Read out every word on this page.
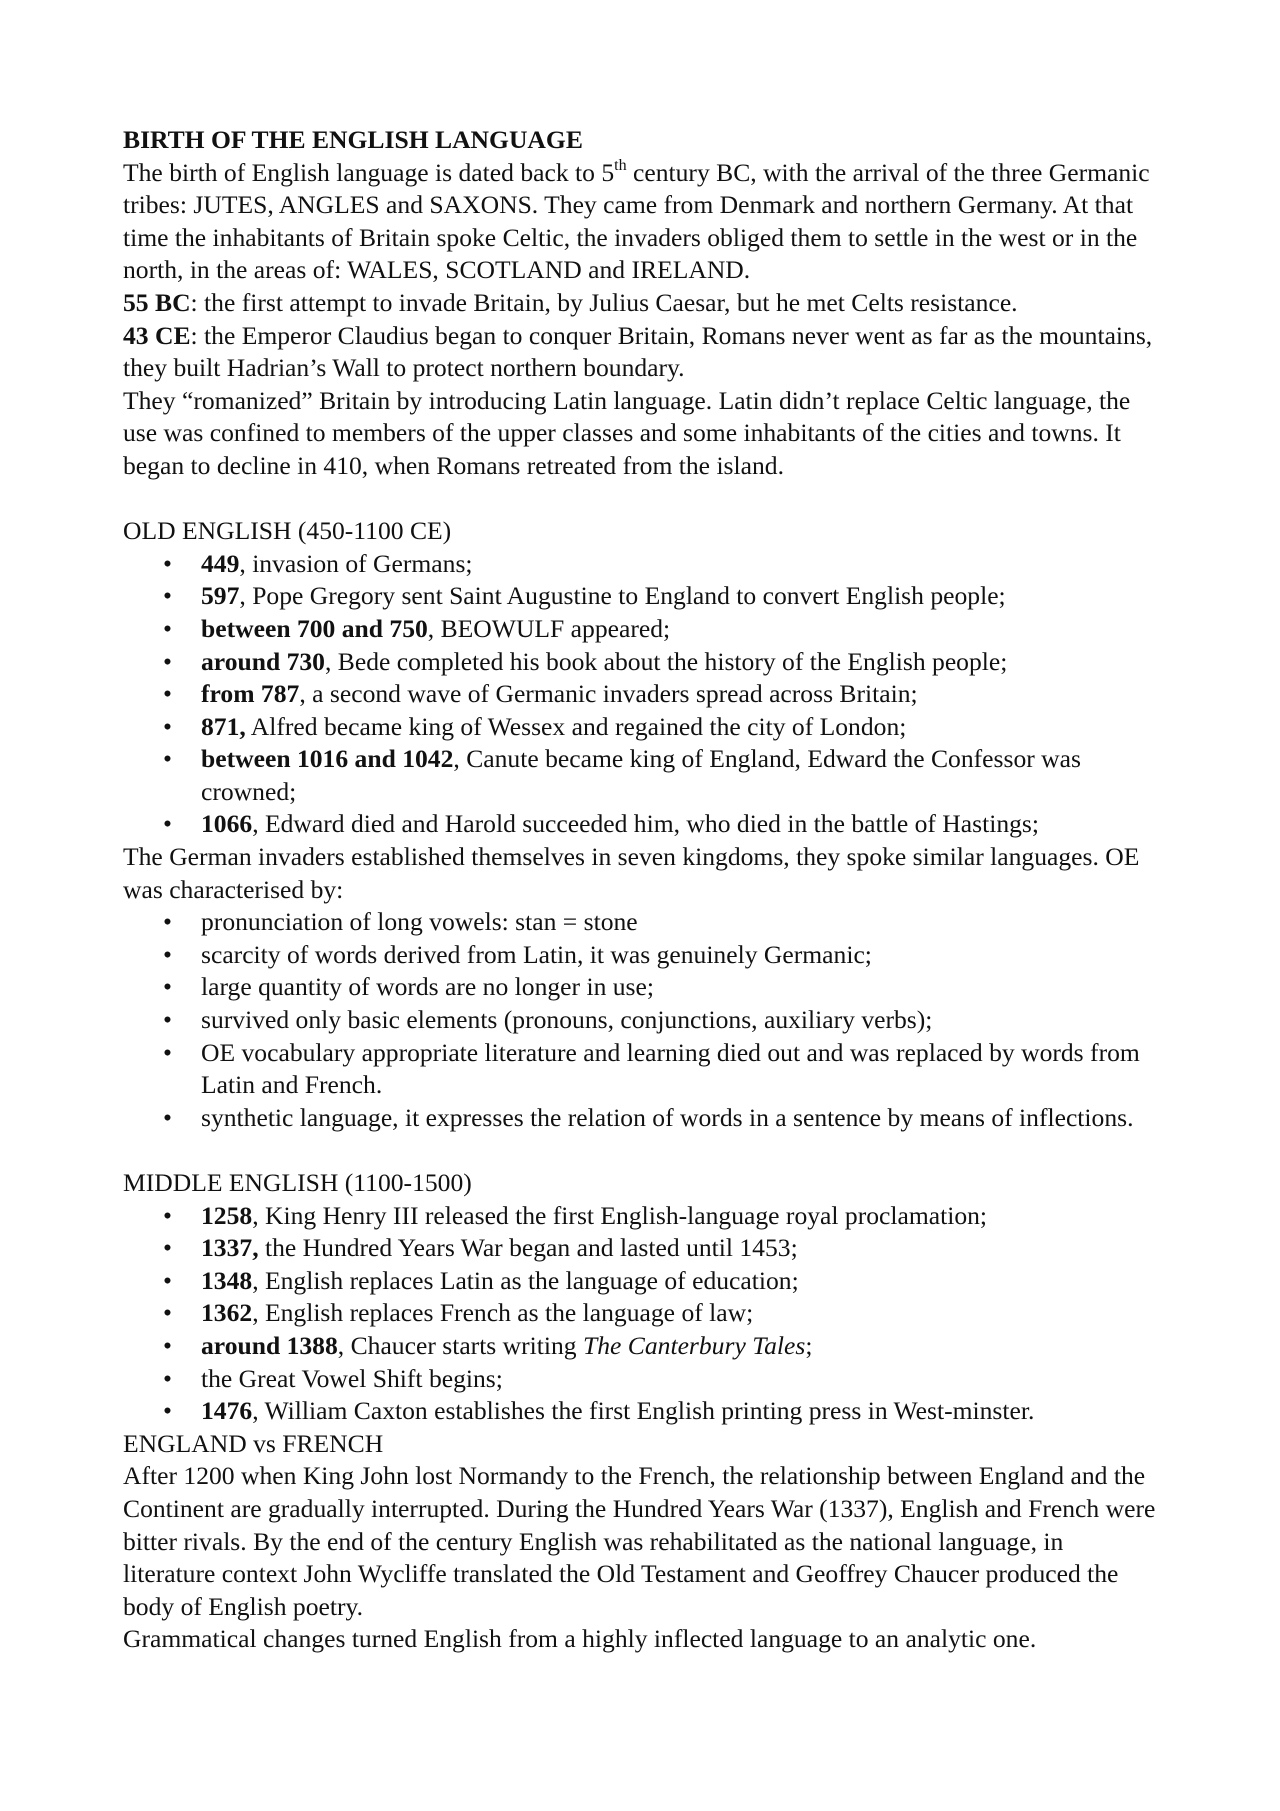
BIRTH OF THE ENGLISH LANGUAGE

The birth of English language is dated back to 5th century BC, with the arrival of the three Germanic tribes: JUTES, ANGLES and SAXONS. They came from Denmark and northern Germany. At that time the inhabitants of Britain spoke Celtic, the invaders obliged them to settle in the west or in the north, in the areas of: WALES, SCOTLAND and IRELAND.

55 BC: the first attempt to invade Britain, by Julius Caesar, but he met Celts resistance.

43 CE: the Emperor Claudius began to conquer Britain, Romans never went as far as the mountains, they built Hadrian’s Wall to protect northern boundary.

They “romanized” Britain by introducing Latin language. Latin didn’t replace Celtic language, the use was confined to members of the upper classes and some inhabitants of the cities and towns. It began to decline in 410, when Romans retreated from the island.

OLD ENGLISH (450-1100 CE)

• 449, invasion of Germans;
• 597, Pope Gregory sent Saint Augustine to England to convert English people;
• between 700 and 750, BEOWULF appeared;
• around 730, Bede completed his book about the history of the English people;
• from 787, a second wave of Germanic invaders spread across Britain;
• 871, Alfred became king of Wessex and regained the city of London;
• between 1016 and 1042, Canute became king of England, Edward the Confessor was crowned;
• 1066, Edward died and Harold succeeded him, who died in the battle of Hastings;

The German invaders established themselves in seven kingdoms, they spoke similar languages. OE was characterised by:

• pronunciation of long vowels: stan = stone
• scarcity of words derived from Latin, it was genuinely Germanic;
• large quantity of words are no longer in use;
• survived only basic elements (pronouns, conjunctions, auxiliary verbs);
• OE vocabulary appropriate literature and learning died out and was replaced by words from Latin and French.
• synthetic language, it expresses the relation of words in a sentence by means of inflections.

MIDDLE ENGLISH (1100-1500)

• 1258, King Henry III released the first English-language royal proclamation;
• 1337, the Hundred Years War began and lasted until 1453;
• 1348, English replaces Latin as the language of education;
• 1362, English replaces French as the language of law;
• around 1388, Chaucer starts writing The Canterbury Tales;
• the Great Vowel Shift begins;
• 1476, William Caxton establishes the first English printing press in West-minster.

ENGLAND vs FRENCH

After 1200 when King John lost Normandy to the French, the relationship between England and the Continent are gradually interrupted. During the Hundred Years War (1337), English and French were bitter rivals. By the end of the century English was rehabilitated as the national language, in literature context John Wycliffe translated the Old Testament and Geoffrey Chaucer produced the body of English poetry.

Grammatical changes turned English from a highly inflected language to an analytic one.
